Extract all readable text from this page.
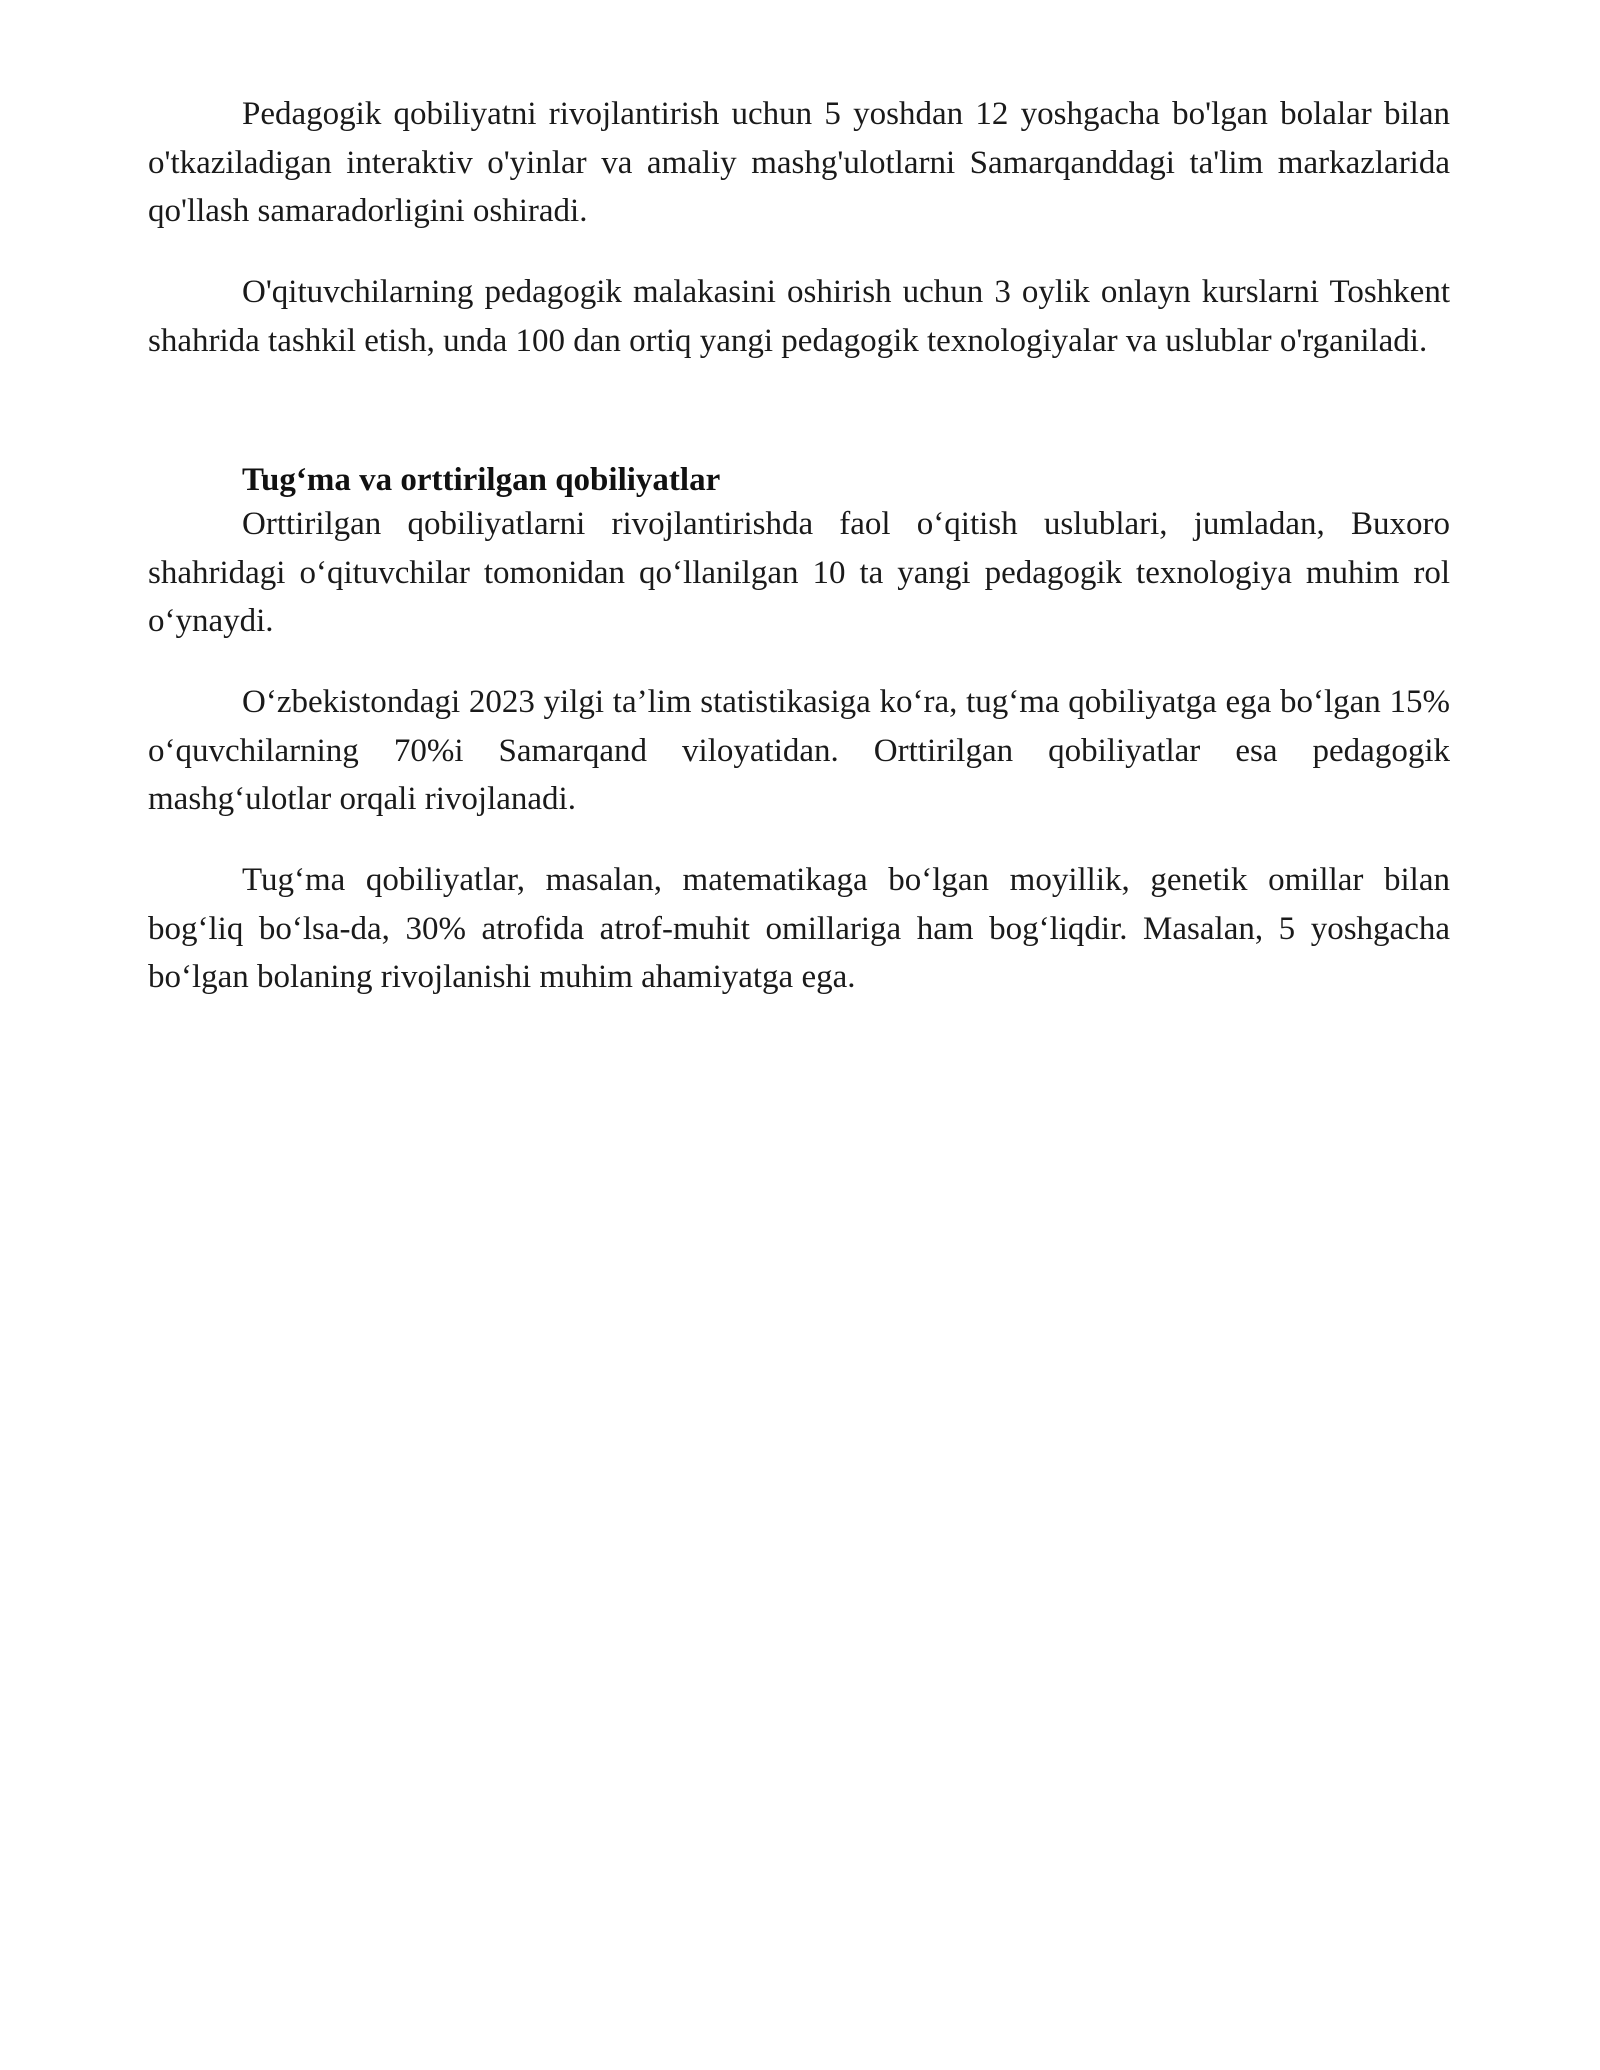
Pedagogik qobiliyatni rivojlantirish uchun 5 yoshdan 12 yoshgacha bo'lgan bolalar bilan o'tkaziladigan interaktiv o'yinlar va amaliy mashg'ulotlarni Samarqanddagi ta'lim markazlarida qo'llash samaradorligini oshiradi.

O'qituvchilarning pedagogik malakasini oshirish uchun 3 oylik onlayn kurslarni Toshkent shahrida tashkil etish, unda 100 dan ortiq yangi pedagogik texnologiyalar va uslublar o'rganiladi.

Tug‘ma va orttirilgan qobiliyatlar

Orttirilgan qobiliyatlarni rivojlantirishda faol o‘qitish uslublari, jumladan, Buxoro shahridagi o‘qituvchilar tomonidan qo‘llanilgan 10 ta yangi pedagogik texnologiya muhim rol o‘ynaydi.

O‘zbekistondagi 2023 yilgi ta’lim statistikasiga ko‘ra, tug‘ma qobiliyatga ega bo‘lgan 15% o‘quvchilarning 70%i Samarqand viloyatidan. Orttirilgan qobiliyatlar esa pedagogik mashg‘ulotlar orqali rivojlanadi.

Tug‘ma qobiliyatlar, masalan, matematikaga bo‘lgan moyillik, genetik omillar bilan bog‘liq bo‘lsa-da, 30% atrofida atrof-muhit omillariga ham bog‘liqdir. Masalan, 5 yoshgacha bo‘lgan bolaning rivojlanishi muhim ahamiyatga ega.
